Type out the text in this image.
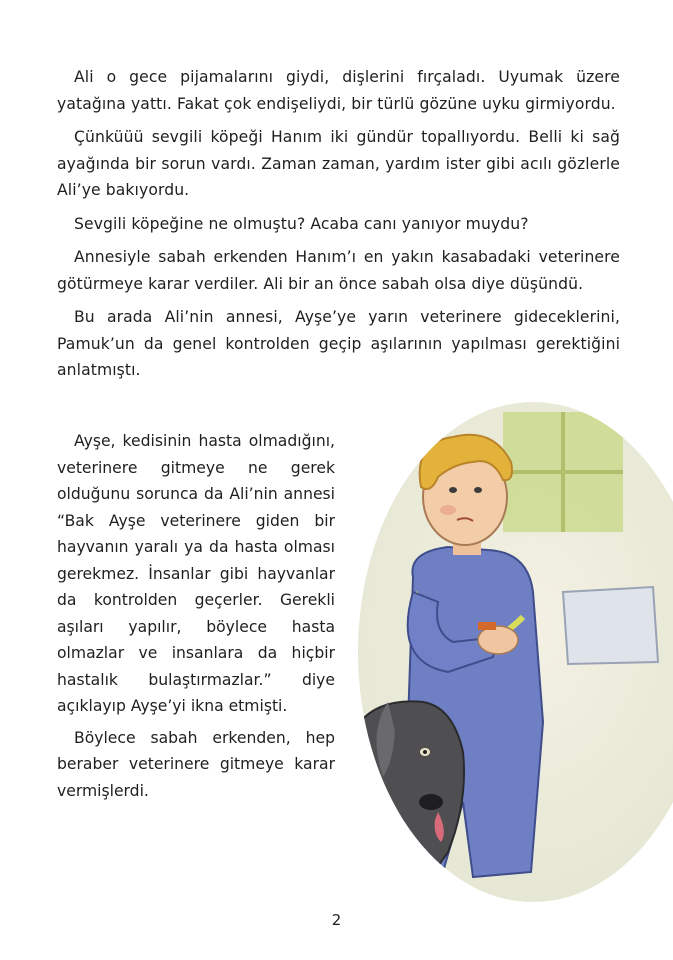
Ali o gece pijamalarını giydi, dişlerini fırçaladı. Uyumak üzere yatağına yattı. Fakat çok endişeliydi, bir türlü gözüne uyku girmiyordu.

Çünküüü sevgili köpeği Hanım iki gündür topallıyordu. Belli ki sağ ayağında bir sorun vardı. Zaman zaman, yardım ister gibi acılı gözlerle Ali’ye bakıyordu.

Sevgili köpeğine ne olmuştu? Acaba canı yanıyor muydu?

Annesiyle sabah erkenden Hanım’ı en yakın kasabadaki veterinere götürmeye karar verdiler. Ali bir an önce sabah olsa diye düşündü.

Bu arada Ali’nin annesi, Ayşe’ye yarın veterinere gideceklerini, Pamuk’un da genel kontrolden geçip aşılarının yapılması gerektiğini anlatmıştı.

Ayşe, kedisinin hasta olmadığını, veterinere gitmeye ne gerek olduğunu sorunca da Ali’nin annesi “Bak Ayşe veterinere giden bir hayvanın yaralı ya da hasta olması gerekmez. İnsanlar gibi hayvanlar da kontrolden geçerler. Gerekli aşıları yapılır, böylece hasta olmazlar ve insanlara da hiçbir hastalık bulaştırmazlar.” diye açıklayıp Ayşe’yi ikna etmişti.

Böylece sabah erkenden, hep beraber veterinere gitmeye karar vermişlerdi.

2
